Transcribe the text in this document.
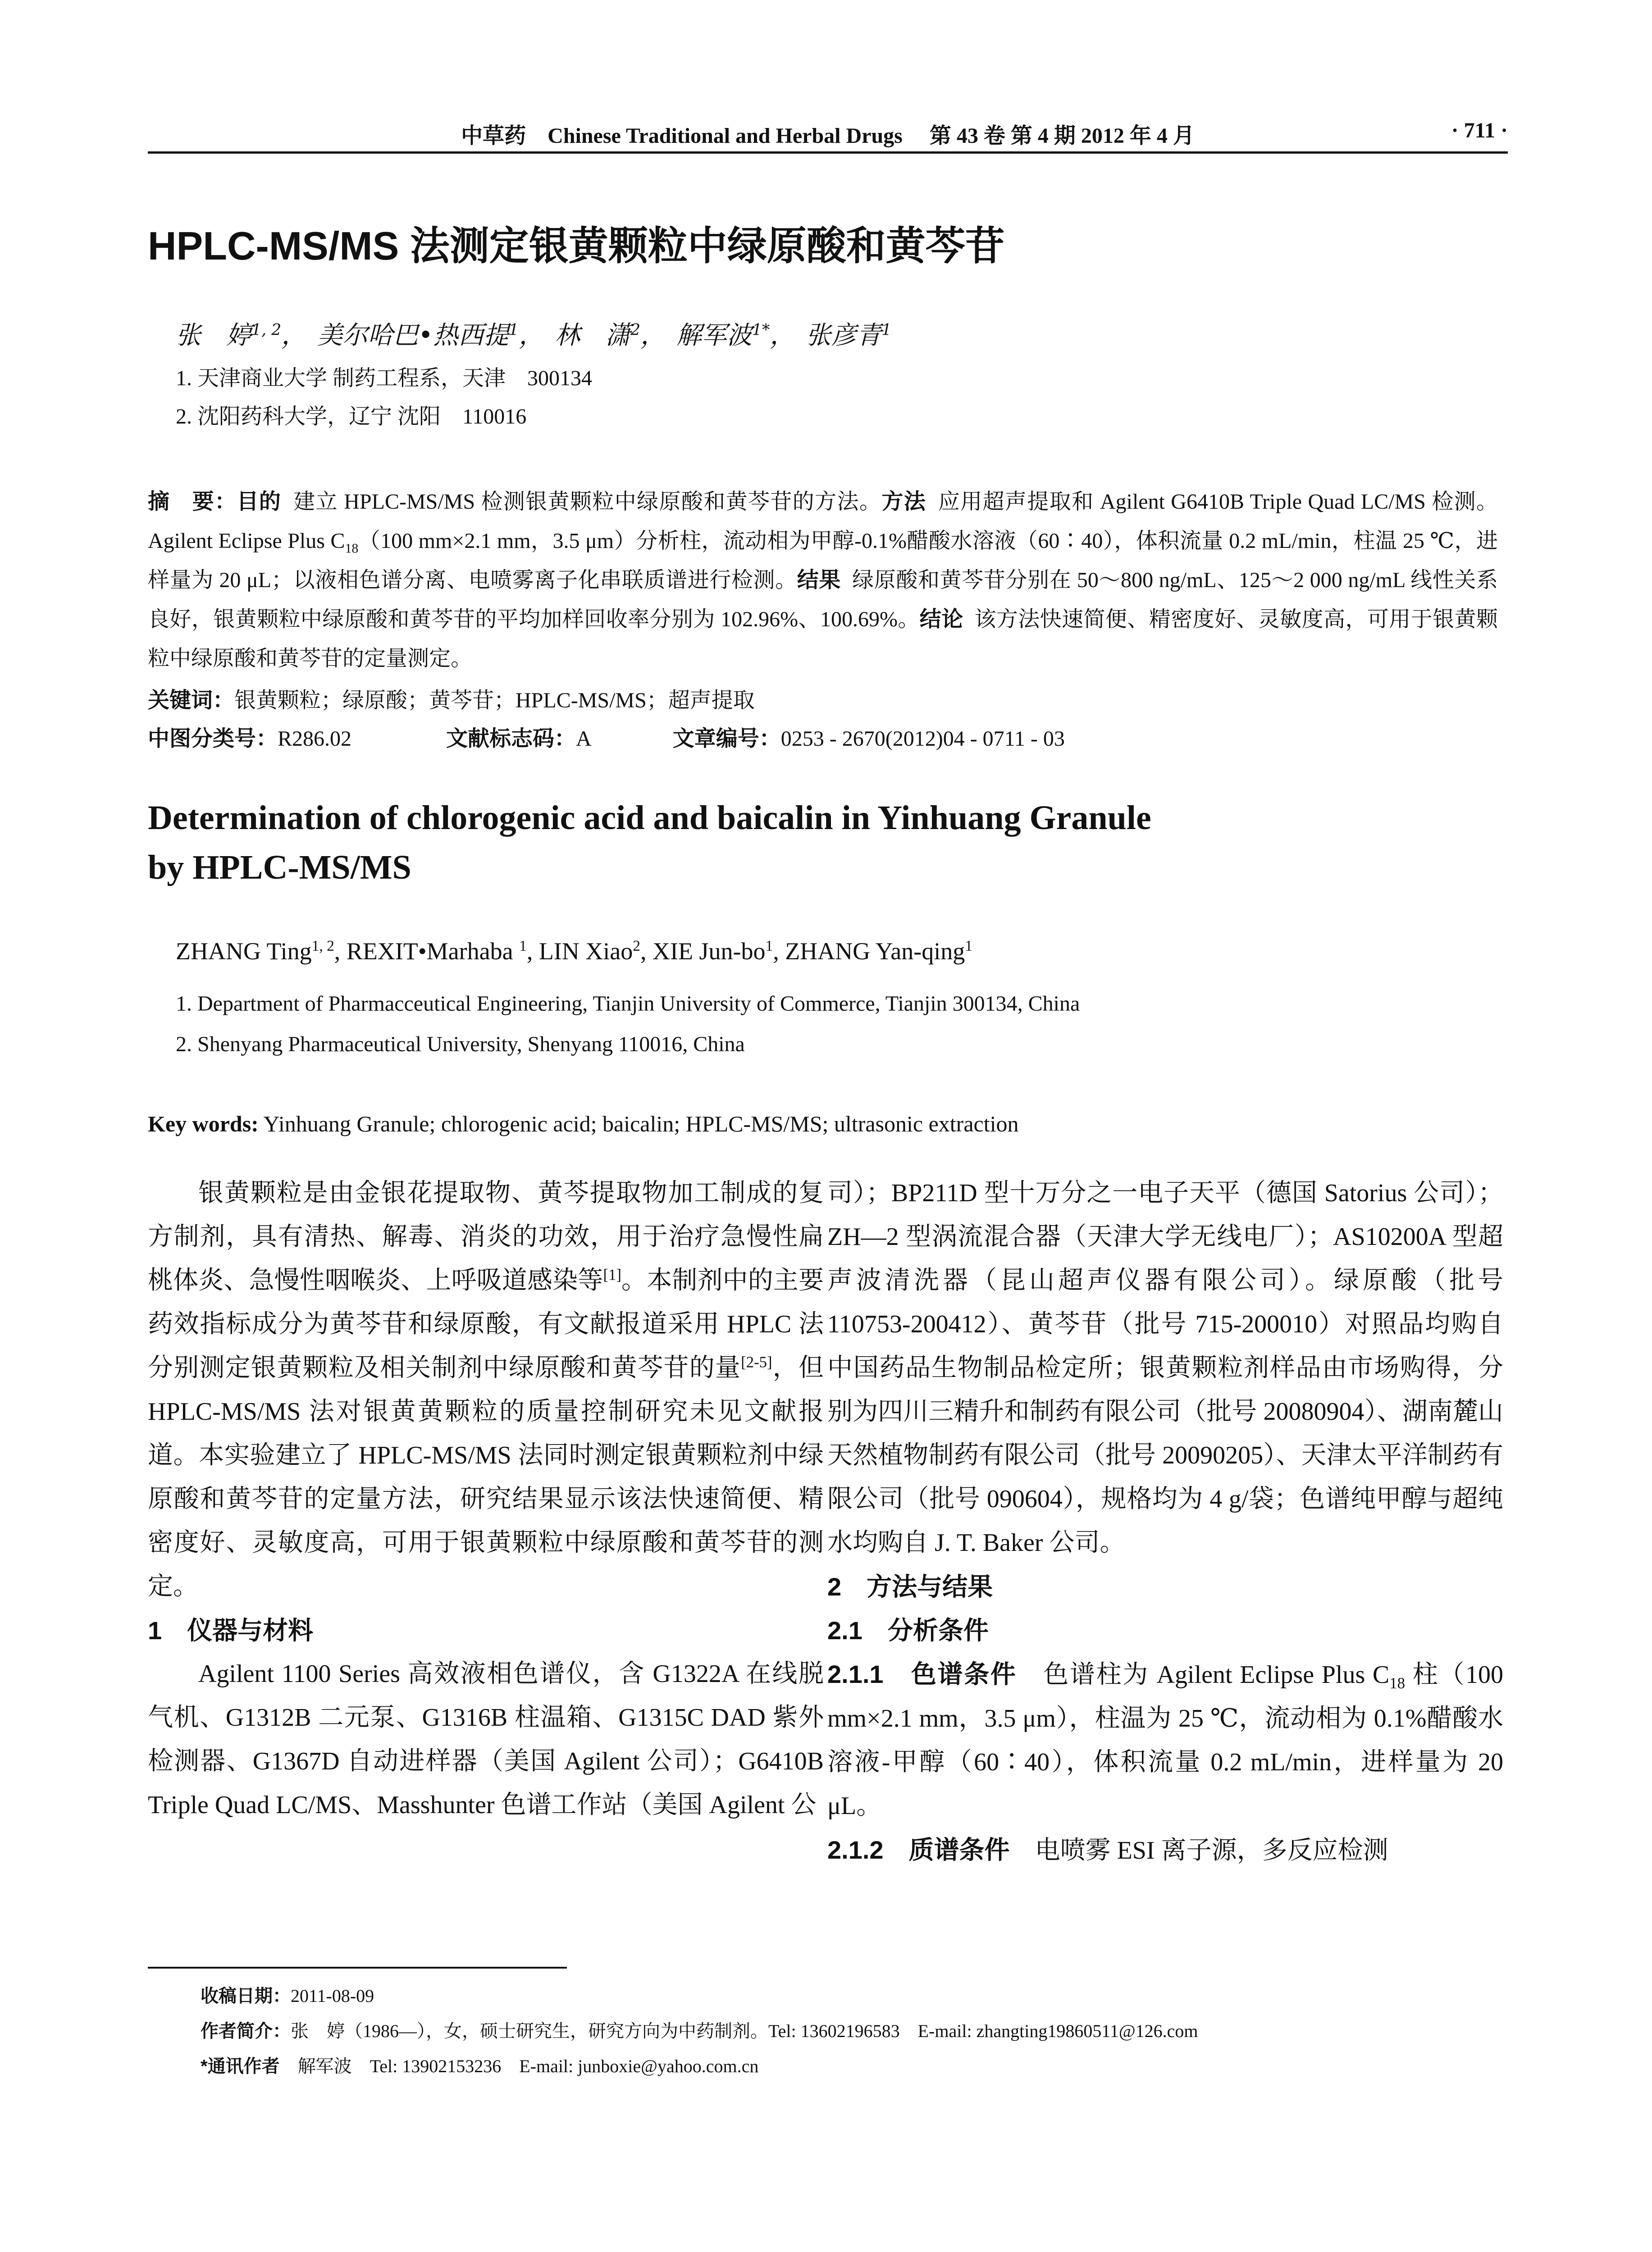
中草药 Chinese Traditional and Herbal Drugs 第 43 卷 第 4 期 2012 年 4 月	· 711 ·
HPLC-MS/MS 法测定银黄颗粒中绿原酸和黄芩苷
张　婷$^{1, 2}$， 美尔哈巴•热西提$^1$， 林　潇$^2$， 解军波$^{1*}$， 张彦青$^1$
1. 天津商业大学 制药工程系，天津　300134
2. 沈阳药科大学，辽宁 沈阳　110016
摘　要：目的 建立 HPLC-MS/MS 检测银黄颗粒中绿原酸和黄芩苷的方法。方法 应用超声提取和 Agilent G6410B Triple Quad LC/MS 检测。Agilent Eclipse Plus $C_{18}(100$ mm×2.1 mm，3.5 μm）分析柱，流动相为甲醇-0.1%醋酸水溶液（60∶40），体积流量 0.2 mL/min，柱温 25 ℃，进样量为 20 μL；以液相色谱分离、电喷雾离子化串联质谱进行检测。结果 绿原酸和黄芩苷分别在 50～800 ng/mL、125～2 000 ng/mL 线性关系良好，银黄颗粒中绿原酸和黄芩苷的平均加样回收率分别为 102.96%、100.69%。结论 该方法快速简便、精密度好、灵敏度高，可用于银黄颗粒中绿原酸和黄芩苷的定量测定。
关键词：银黄颗粒；绿原酸；黄芩苷；HPLC-MS/MS；超声提取
中图分类号：R286.02	文献标志码：A	文章编号：0253 - 2670(2012)04 - 0711 - 03
Determination of chlorogenic acid and baicalin in Yinhuang Granule
by HPLC-MS/MS
ZHANG Ting$^{1, 2}$, REXIT•Marhaba $^1$, LIN Xiao$^2$, XIE Jun-$bo^1$, ZHANG Yan-qing$^1$
1. Department of Pharmacceutical Engineering, Tianjin University of Commerce, Tianjin 300134, China
2. Shenyang Pharmaceutical University, Shenyang 110016, China
Key words: Yinhuang Granule; chlorogenic acid; baicalin; HPLC-MS/MS; ultrasonic extraction

银黄颗粒是由金银花提取物、黄芩提取物加工制成的复方制剂，具有清热、解毒、消炎的功效，用于治疗急慢性扁桃体炎、急慢性咽喉炎、上呼吸道感染等[1]。本制剂中的主要药效指标成分为黄芩苷和绿原酸，有文献报道采用 HPLC 法分别测定银黄颗粒及相关制剂中绿原酸和黄芩苷的量[2-5]，但 HPLC-MS/MS 法对银黄黄颗粒的质量控制研究未见文献报道。本实验建立了 HPLC-MS/MS 法同时测定银黄颗粒剂中绿原酸和黄芩苷的定量方法，研究结果显示该法快速简便、精密度好、灵敏度高，可用于银黄颗粒中绿原酸和黄芩苷的测定。

1　仪器与材料

Agilent 1100 Series 高效液相色谱仪，含 G1322A 在线脱气机、G1312B 二元泵、G1316B 柱温箱、G1315C DAD 紫外检测器、G1367D 自动进样器（美国 Agilent 公司）；G6410B Triple Quad LC/MS、Masshunter 色谱工作站（美国 Agilent 公

司）；BP211D 型十万分之一电子天平（德国 Satorius 公司）；ZH—2 型涡流混合器（天津大学无线电厂）；AS10200A 型超声波清洗器（昆山超声仪器有限公司）。绿原酸（批号 110753-200412）、黄芩苷（批号 715-200010）对照品均购自中国药品生物制品检定所；银黄颗粒剂样品由市场购得，分别为四川三精升和制药有限公司（批号 20080904）、湖南麓山天然植物制药有限公司（批号 20090205）、天津太平洋制药有限公司（批号 090604），规格均为 4 g/袋；色谱纯甲醇与超纯水均购自 J. T. Baker 公司。

2　方法与结果

2.1　分析条件

2.1.1　色谱条件　色谱柱为 Agilent Eclipse Plus $C_{18}$ 柱（100 mm×2.1 mm，3.5 μm），柱温为 25 ℃，流动相为 0.1%醋酸水溶液-甲醇（60∶40），体积流量 0.2 mL/min，进样量为 20 μL。

2.1.2　质谱条件　电喷雾 ESI 离子源，多反应检测

收稿日期：2011-08-09
作者简介：张　婷（1986—），女，硕士研究生，研究方向为中药制剂。Tel: 13602196583　E-mail: zhangting19860511@126.com
*通讯作者　解军波　Tel: 13902153236　E-mail: junboxie@yahoo.com.cn
